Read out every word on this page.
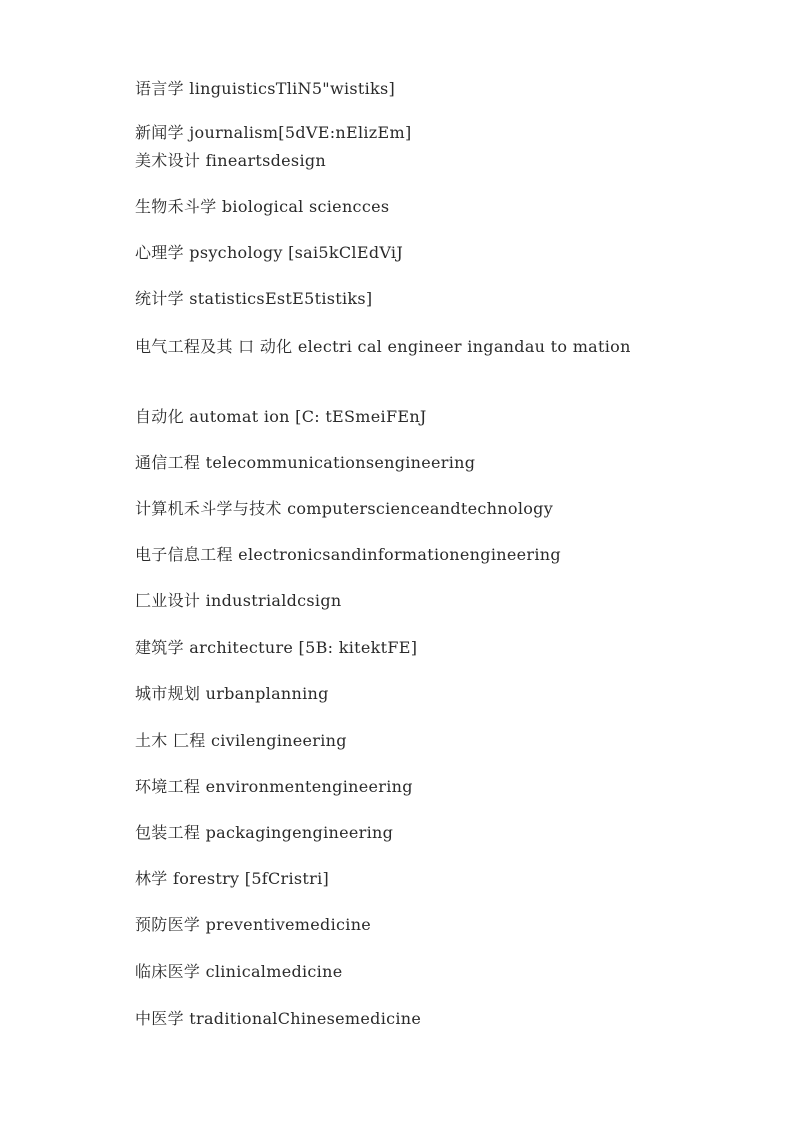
语言学 linguisticsTliN5"wistiks]
新闻学 journalism[5dVE:nElizEm]
美术设计 fineartsdesign
生物禾斗学 biological sciencces
心理学 psychology [sai5kClEdViJ
统计学 statisticsEstE5tistiks]
电气工程及其 口 动化 electri cal engineer ingandau to mation
自动化 automat ion [C: tESmeiFEnJ
通信工程 telecommunicationsengineering
计算机禾斗学与技术 computerscienceandtechnology
电子信息工程 electronicsandinformationengineering
匚业设计 industrialdcsign
建筑学 architecture [5B: kitektFE]
城市规划 urbanplanning
土木 匚程 civilengineering
环境工程 environmentengineering
包装工程 packagingengineering
林学 forestry [5fCristri]
预防医学 preventivemedicine
临床医学 clinicalmedicine
中医学 traditionalChinesemedicine
